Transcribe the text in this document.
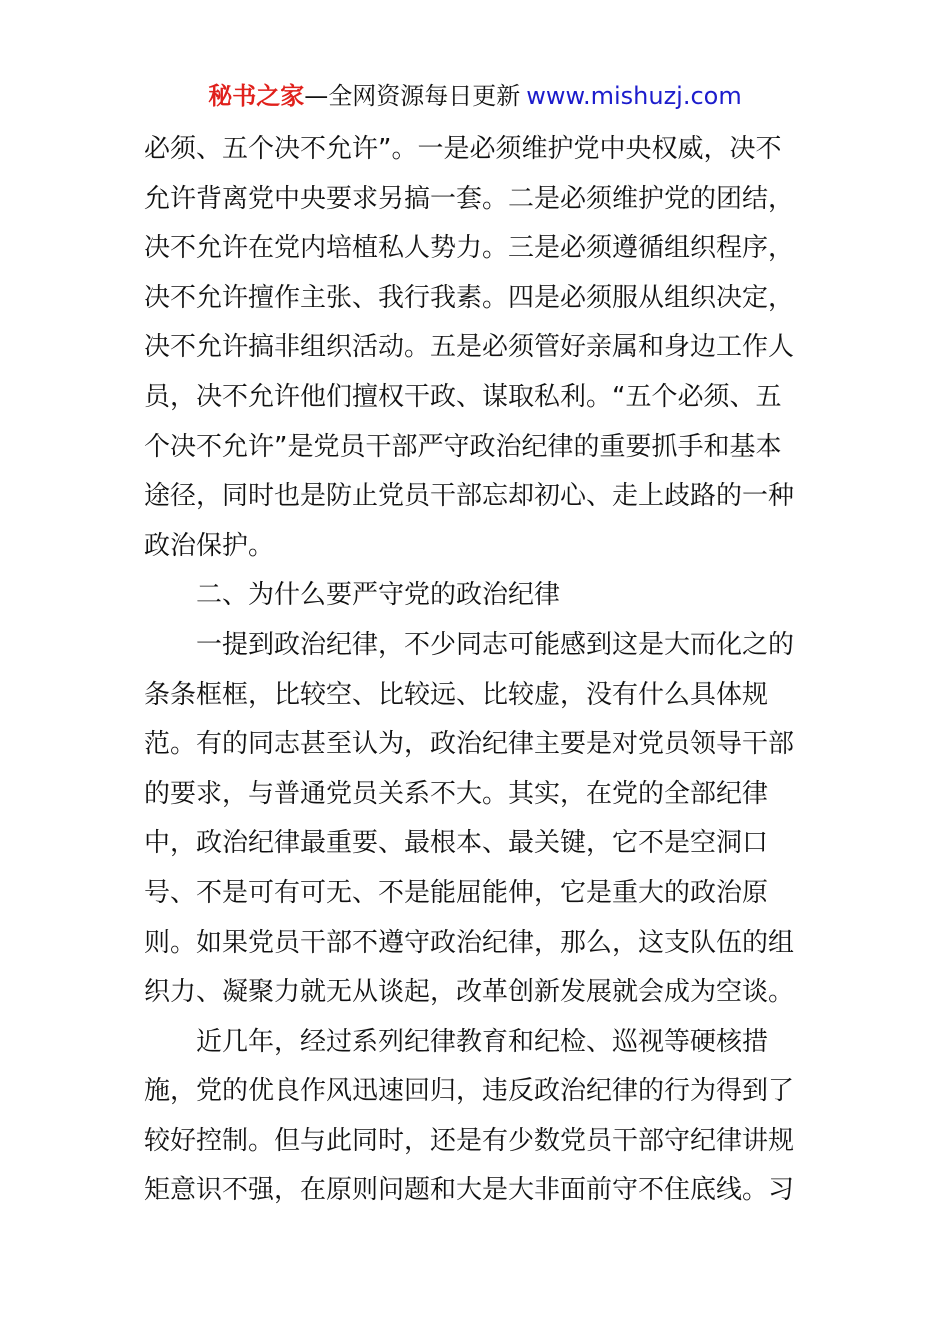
秘书之家—全网资源每日更新 www.mishuzj.com
必须、五个决不允许”。一是必须维护党中央权威，决不
允许背离党中央要求另搞一套。二是必须维护党的团结，
决不允许在党内培植私人势力。三是必须遵循组织程序，
决不允许擅作主张、我行我素。四是必须服从组织决定，
决不允许搞非组织活动。五是必须管好亲属和身边工作人
员，决不允许他们擅权干政、谋取私利。“五个必须、五
个决不允许”是党员干部严守政治纪律的重要抓手和基本
途径，同时也是防止党员干部忘却初心、走上歧路的一种
政治保护。
二、为什么要严守党的政治纪律
一提到政治纪律，不少同志可能感到这是大而化之的
条条框框，比较空、比较远、比较虚，没有什么具体规
范。有的同志甚至认为，政治纪律主要是对党员领导干部
的要求，与普通党员关系不大。其实，在党的全部纪律
中，政治纪律最重要、最根本、最关键，它不是空洞口
号、不是可有可无、不是能屈能伸，它是重大的政治原
则。如果党员干部不遵守政治纪律，那么，这支队伍的组
织力、凝聚力就无从谈起，改革创新发展就会成为空谈。
近几年，经过系列纪律教育和纪检、巡视等硬核措
施，党的优良作风迅速回归，违反政治纪律的行为得到了
较好控制。但与此同时，还是有少数党员干部守纪律讲规
矩意识不强，在原则问题和大是大非面前守不住底线。习
